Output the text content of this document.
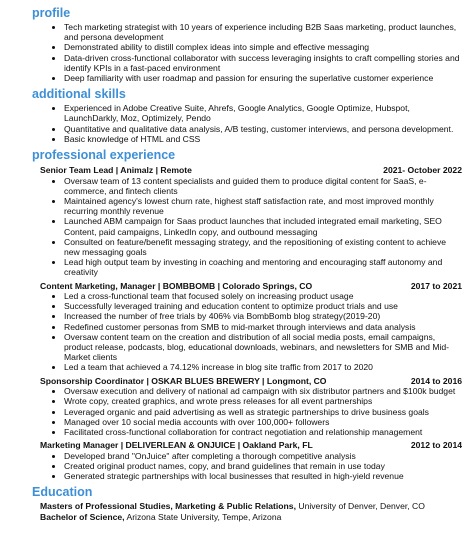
profile
• Tech marketing strategist with 10 years of experience including B2B Saas marketing, product launches, and persona development
• Demonstrated ability to distill complex ideas into simple and effective messaging
• Data-driven cross-functional collaborator with success leveraging insights to craft compelling stories and identify KPIs in a fast-paced environment
• Deep familiarity with user roadmap and passion for ensuring the superlative customer experience
additional skills
• Experienced in Adobe Creative Suite, Ahrefs, Google Analytics, Google Optimize, Hubspot, LaunchDarkly, Moz, Optimizely, Pendo
• Quantitative and qualitative data analysis, A/B testing, customer interviews, and persona development.
• Basic knowledge of HTML and CSS
professional experience
Senior Team Lead | Animalz | Remote	2021- October 2022
• Oversaw team of 13 content specialists and guided them to produce digital content for SaaS, e-commerce, and fintech clients
• Maintained agency's lowest churn rate, highest staff satisfaction rate, and most improved monthly recurring monthly revenue
• Launched ABM campaign for Saas product launches that included integrated email marketing, SEO Content, paid campaigns, LinkedIn copy, and outbound messaging
• Consulted on feature/benefit messaging strategy, and the repositioning of existing content to achieve new messaging goals
• Lead high output team by investing in coaching and mentoring and encouraging staff autonomy and creativity
Content Marketing, Manager | BOMBBOMB | Colorado Springs, CO	2017 to 2021
• Led a cross-functional team that focused solely on increasing product usage
• Successfully leveraged training and education content to optimize product trials and use
• Increased the number of free trials by 406% via BombBomb blog strategy(2019-20)
• Redefined customer personas from SMB to mid-market through interviews and data analysis
• Oversaw content team on the creation and distribution of all social media posts, email campaigns, product release, podcasts, blog, educational downloads, webinars, and newsletters for SMB and Mid-Market clients
• Led a team that achieved a 74.12% increase in blog site traffic from 2017 to 2020
Sponsorship Coordinator | OSKAR BLUES BREWERY | Longmont, CO	2014 to 2016
• Oversaw execution and delivery of national ad campaign with six distributor partners and $100k budget
• Wrote copy, created graphics, and wrote press releases for all event partnerships
• Leveraged organic and paid advertising as well as strategic partnerships to drive business goals
• Managed over 10 social media accounts with over 100,000+ followers
• Facilitated cross-functional collaboration for contract negotiation and relationship management
Marketing Manager | DELIVERLEAN & ONJUICE | Oakland Park, FL	2012 to 2014
• Developed brand "OnJuice" after completing a thorough competitive analysis
• Created original product names, copy, and brand guidelines that remain in use today
• Generated strategic partnerships with local businesses that resulted in high-yield revenue
Education
Masters of Professional Studies, Marketing & Public Relations, University of Denver, Denver, CO
Bachelor of Science, Arizona State University, Tempe, Arizona
